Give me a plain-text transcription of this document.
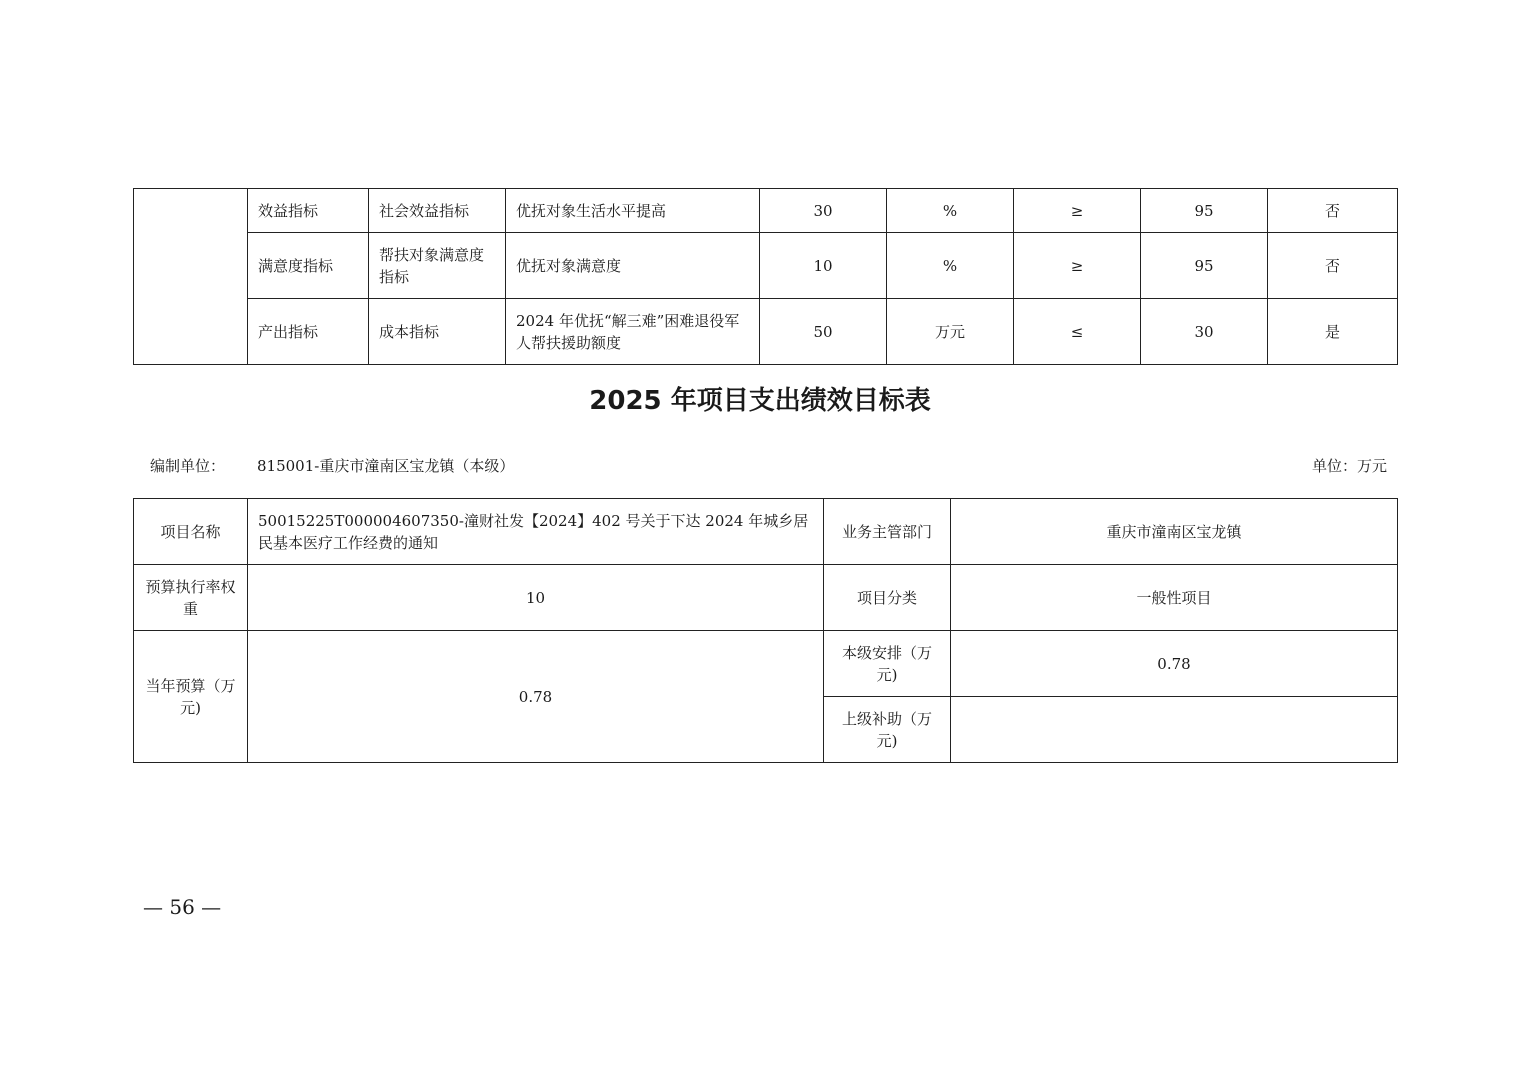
	效益指标	社会效益指标	优抚对象生活水平提高	30	%	≥	95	否
	满意度指标	帮扶对象满意度指标	优抚对象满意度	10	%	≥	95	否
	产出指标	成本指标	2024 年优抚“解三难”困难退役军人帮扶援助额度	50	万元	≤	30	是
2025 年项目支出绩效目标表
编制单位： 815001-重庆市潼南区宝龙镇（本级）	单位：万元
项目名称	50015225T000004607350-潼财社发【2024】402 号关于下达 2024 年城乡居民基本医疗工作经费的通知	业务主管部门	重庆市潼南区宝龙镇
预算执行率权重	10	项目分类	一般性项目
当年预算（万元)	0.78	本级安排（万元)	0.78
		上级补助（万元)	
— 56 —
